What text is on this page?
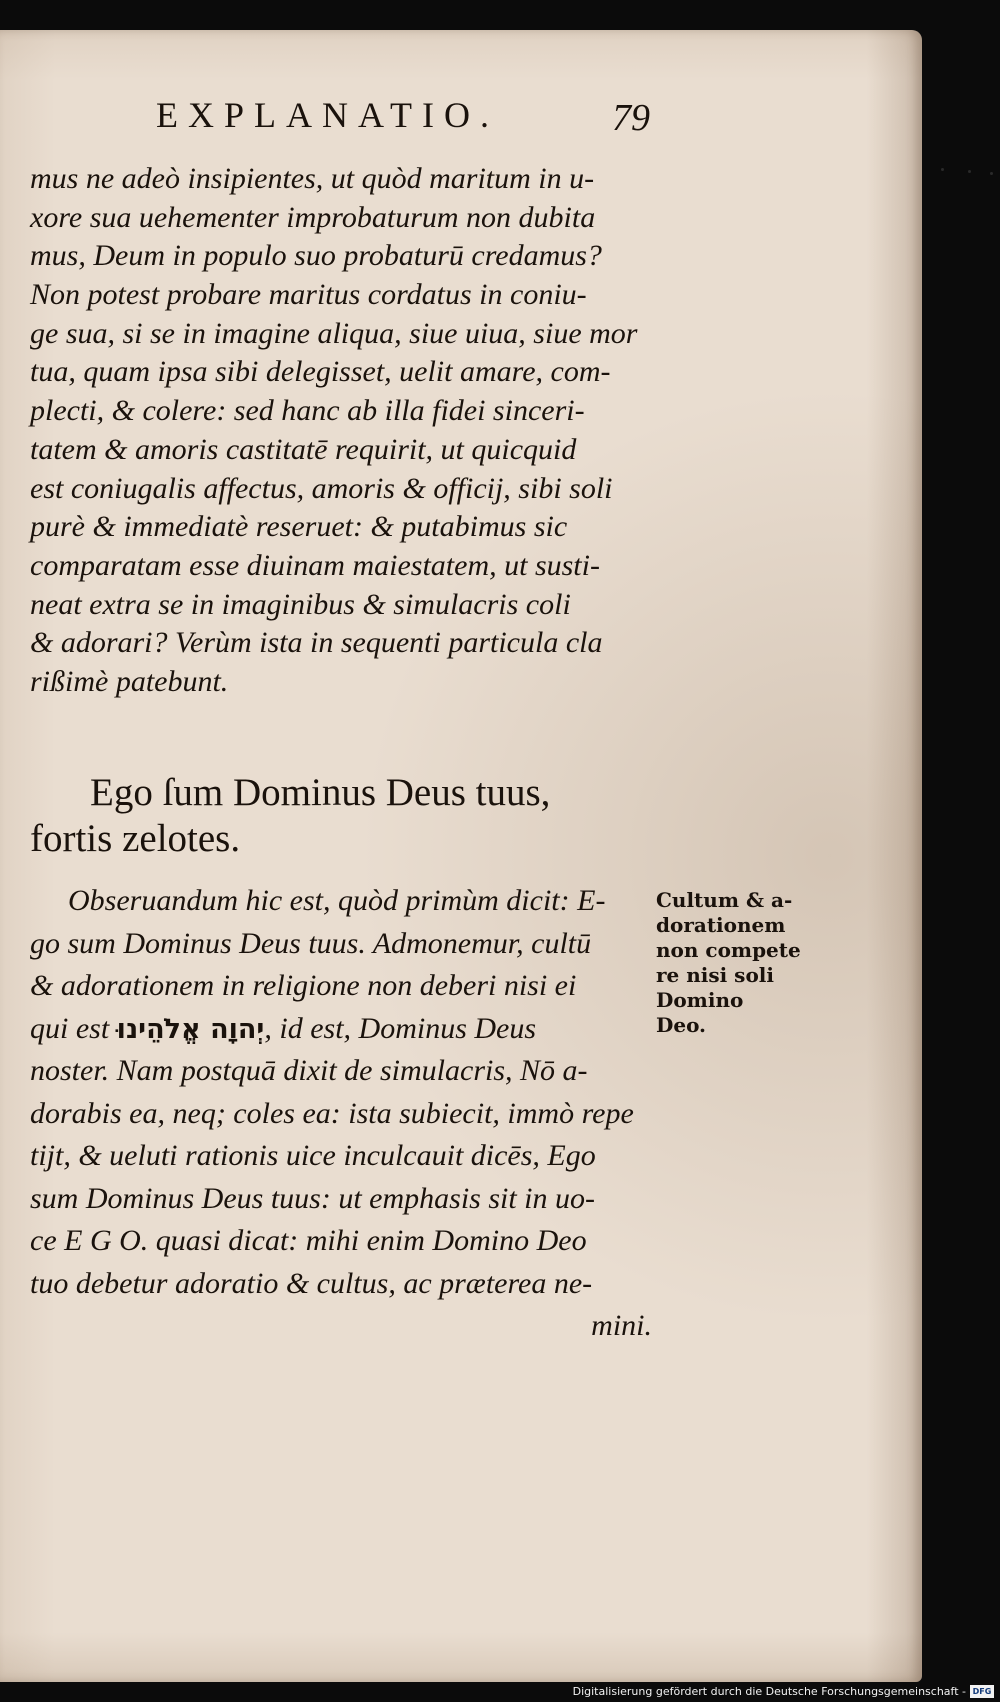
EXPLANATIO.	79
mus ne adeò insipientes, ut quòd maritum in u-
xore sua uehementer improbaturum non dubita
mus, Deum in populo suo probaturū credamus?
Non potest probare maritus cordatus in coniu-
ge sua, si se in imagine aliqua, siue uiua, siue mor
tua, quam ipsa sibi delegisset, uelit amare, com-
plecti, & colere: sed hanc ab illa fidei sinceri-
tatem & amoris castitatē requirit, ut quicquid
est coniugalis affectus, amoris & officij, sibi soli
purè & immediatè reseruet: & putabimus sic
comparatam esse diuinam maiestatem, ut susti-
neat extra se in imaginibus & simulacris coli
& adorari? Verùm ista in sequenti particula cla
rißimè patebunt.
Ego ſum Dominus Deus tuus,
fortis zelotes.
Obseruandum hic est, quòd primùm dicit: E-
go sum Dominus Deus tuus. Admonemur, cultū
& adorationem in religione non deberi nisi ei
qui est יְהוָה אֱלֹהֵינוּ, id est, Dominus Deus
noster. Nam postquā dixit de simulacris, Nō a-
dorabis ea, neq; coles ea: ista subiecit, immò repe
tijt, & ueluti rationis uice inculcauit dicēs, Ego
sum Dominus Deus tuus: ut emphasis sit in uo-
ce E G O. quasi dicat: mihi enim Domino Deo
tuo debetur adoratio & cultus, ac præterea ne-
mini.
Cultum & a-
dorationem
non compete
re nisi soli
Domino
Deo.
Digitalisierung gefördert durch die Deutsche Forschungsgemeinschaft - DFG
